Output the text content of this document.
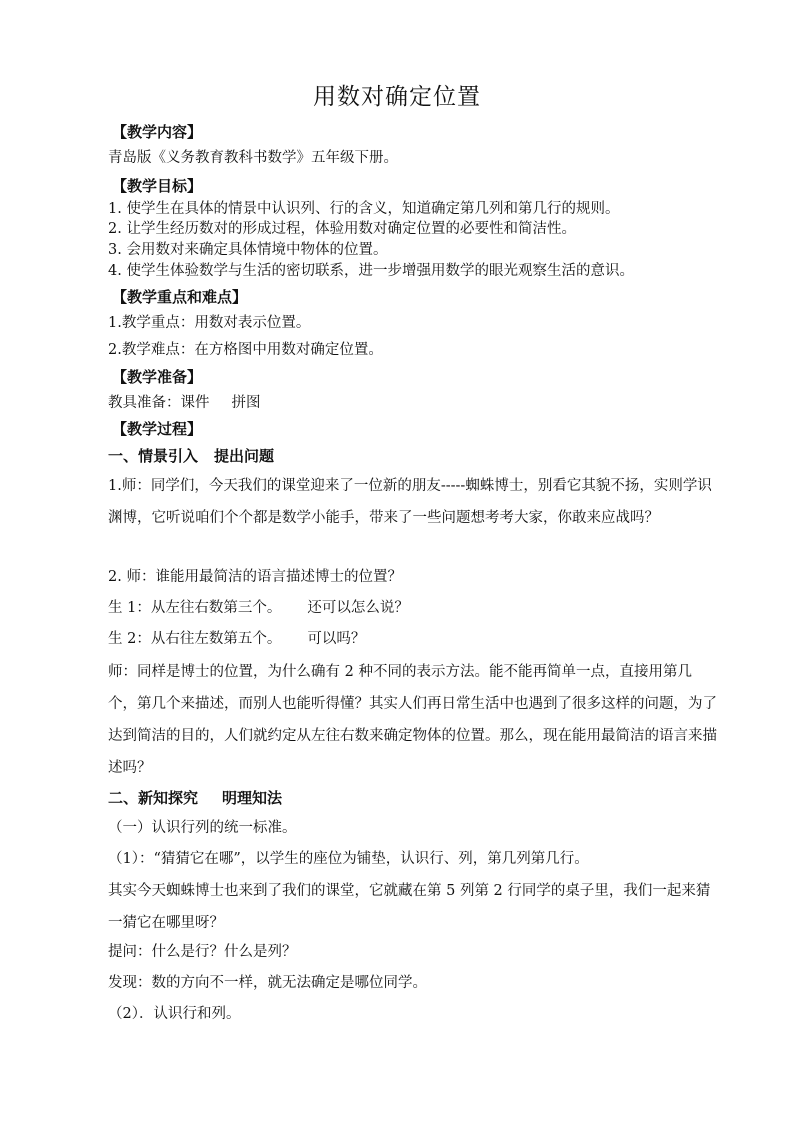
用数对确定位置
【教学内容】
青岛版《义务教育教科书数学》五年级下册。
【教学目标】
1. 使学生在具体的情景中认识列、行的含义，知道确定第几列和第几行的规则。
2. 让学生经历数对的形成过程，体验用数对确定位置的必要性和简洁性。
3. 会用数对来确定具体情境中物体的位置。
4. 使学生体验数学与生活的密切联系，进一步增强用数学的眼光观察生活的意识。
【教学重点和难点】
1.教学重点：用数对表示位置。
2.教学难点：在方格图中用数对确定位置。
【教学准备】
教具准备：课件 拼图
【教学过程】
一、情景引入 提出问题
1.师：同学们，今天我们的课堂迎来了一位新的朋友-----蜘蛛博士，别看它其貌不扬，实则学识渊博，它听说咱们个个都是数学小能手，带来了一些问题想考考大家，你敢来应战吗？
2. 师：谁能用最简洁的语言描述博士的位置？
生 1：从左往右数第三个。 还可以怎么说？
生 2：从右往左数第五个。 可以吗？
师：同样是博士的位置，为什么确有 2 种不同的表示方法。能不能再简单一点，直接用第几个，第几个来描述，而别人也能听得懂？其实人们再日常生活中也遇到了很多这样的问题，为了达到简洁的目的，人们就约定从左往右数来确定物体的位置。那么，现在能用最简洁的语言来描述吗？
二、新知探究 明理知法
（一）认识行列的统一标准。
（1）：“猜猜它在哪”，以学生的座位为铺垫，认识行、列，第几列第几行。
其实今天蜘蛛博士也来到了我们的课堂，它就藏在第 5 列第 2 行同学的桌子里，我们一起来猜一猜它在哪里呀？
提问：什么是行？什么是列？
发现：数的方向不一样，就无法确定是哪位同学。
（2）．认识行和列。
